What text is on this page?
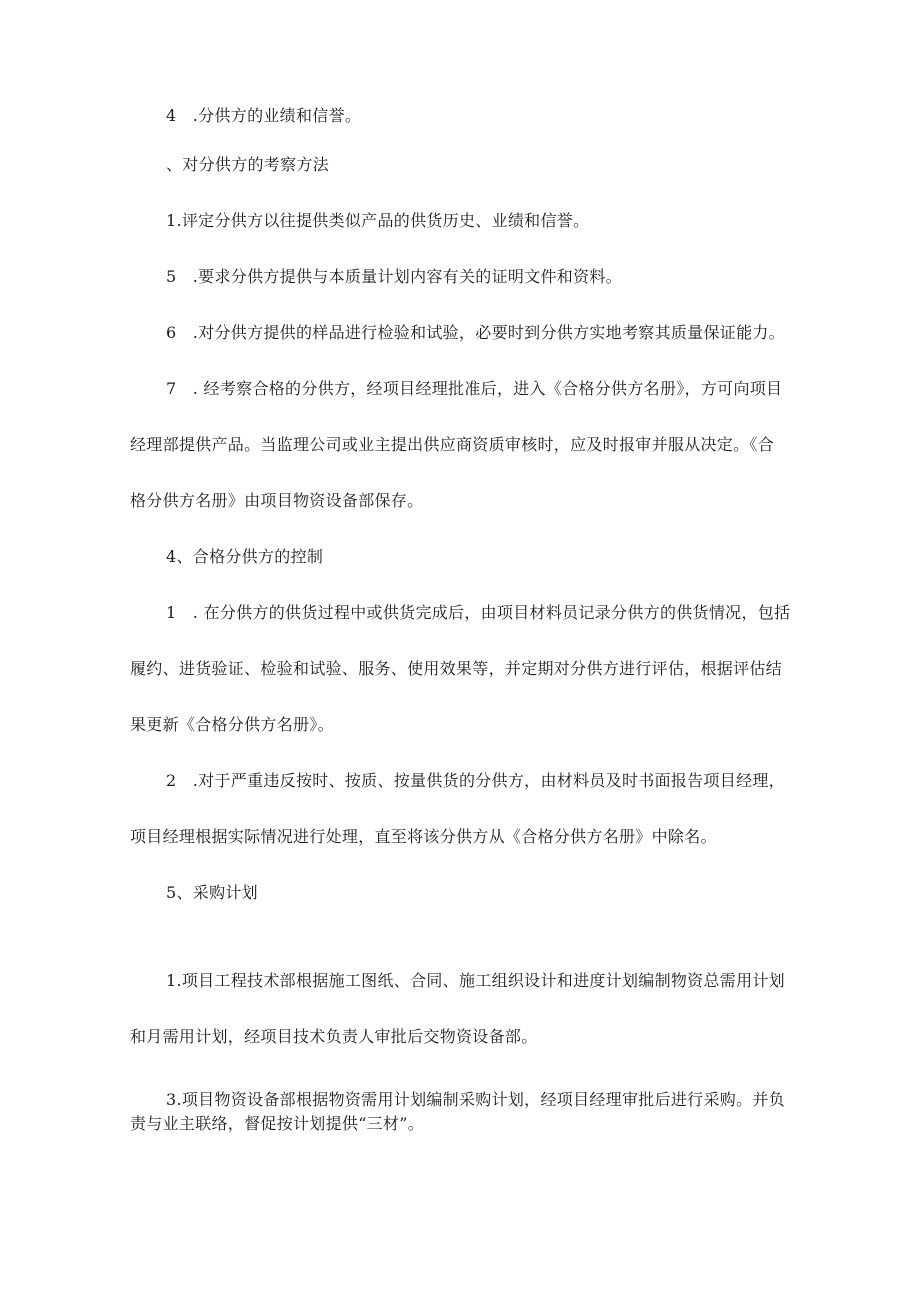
4　.分供方的业绩和信誉。
、对分供方的考察方法
1.评定分供方以往提供类似产品的供货历史、业绩和信誉。
5　.要求分供方提供与本质量计划内容有关的证明文件和资料。
6　.对分供方提供的样品进行检验和试验，必要时到分供方实地考察其质量保证能力。
7　. 经考察合格的分供方，经项目经理批准后，进入《合格分供方名册》，方可向项目
经理部提供产品。当监理公司或业主提出供应商资质审核时，应及时报审并服从决定。《合
格分供方名册》由项目物资设备部保存。
4、合格分供方的控制
1　. 在分供方的供货过程中或供货完成后，由项目材料员记录分供方的供货情况，包括
履约、进货验证、检验和试验、服务、使用效果等，并定期对分供方进行评估，根据评估结
果更新《合格分供方名册》。
2　.对于严重违反按时、按质、按量供货的分供方，由材料员及时书面报告项目经理，
项目经理根据实际情况进行处理，直至将该分供方从《合格分供方名册》中除名。
5、采购计划
1.项目工程技术部根据施工图纸、合同、施工组织设计和进度计划编制物资总需用计划
和月需用计划，经项目技术负责人审批后交物资设备部。
3.项目物资设备部根据物资需用计划编制采购计划，经项目经理审批后进行采购。并负
责与业主联络，督促按计划提供“三材”。
